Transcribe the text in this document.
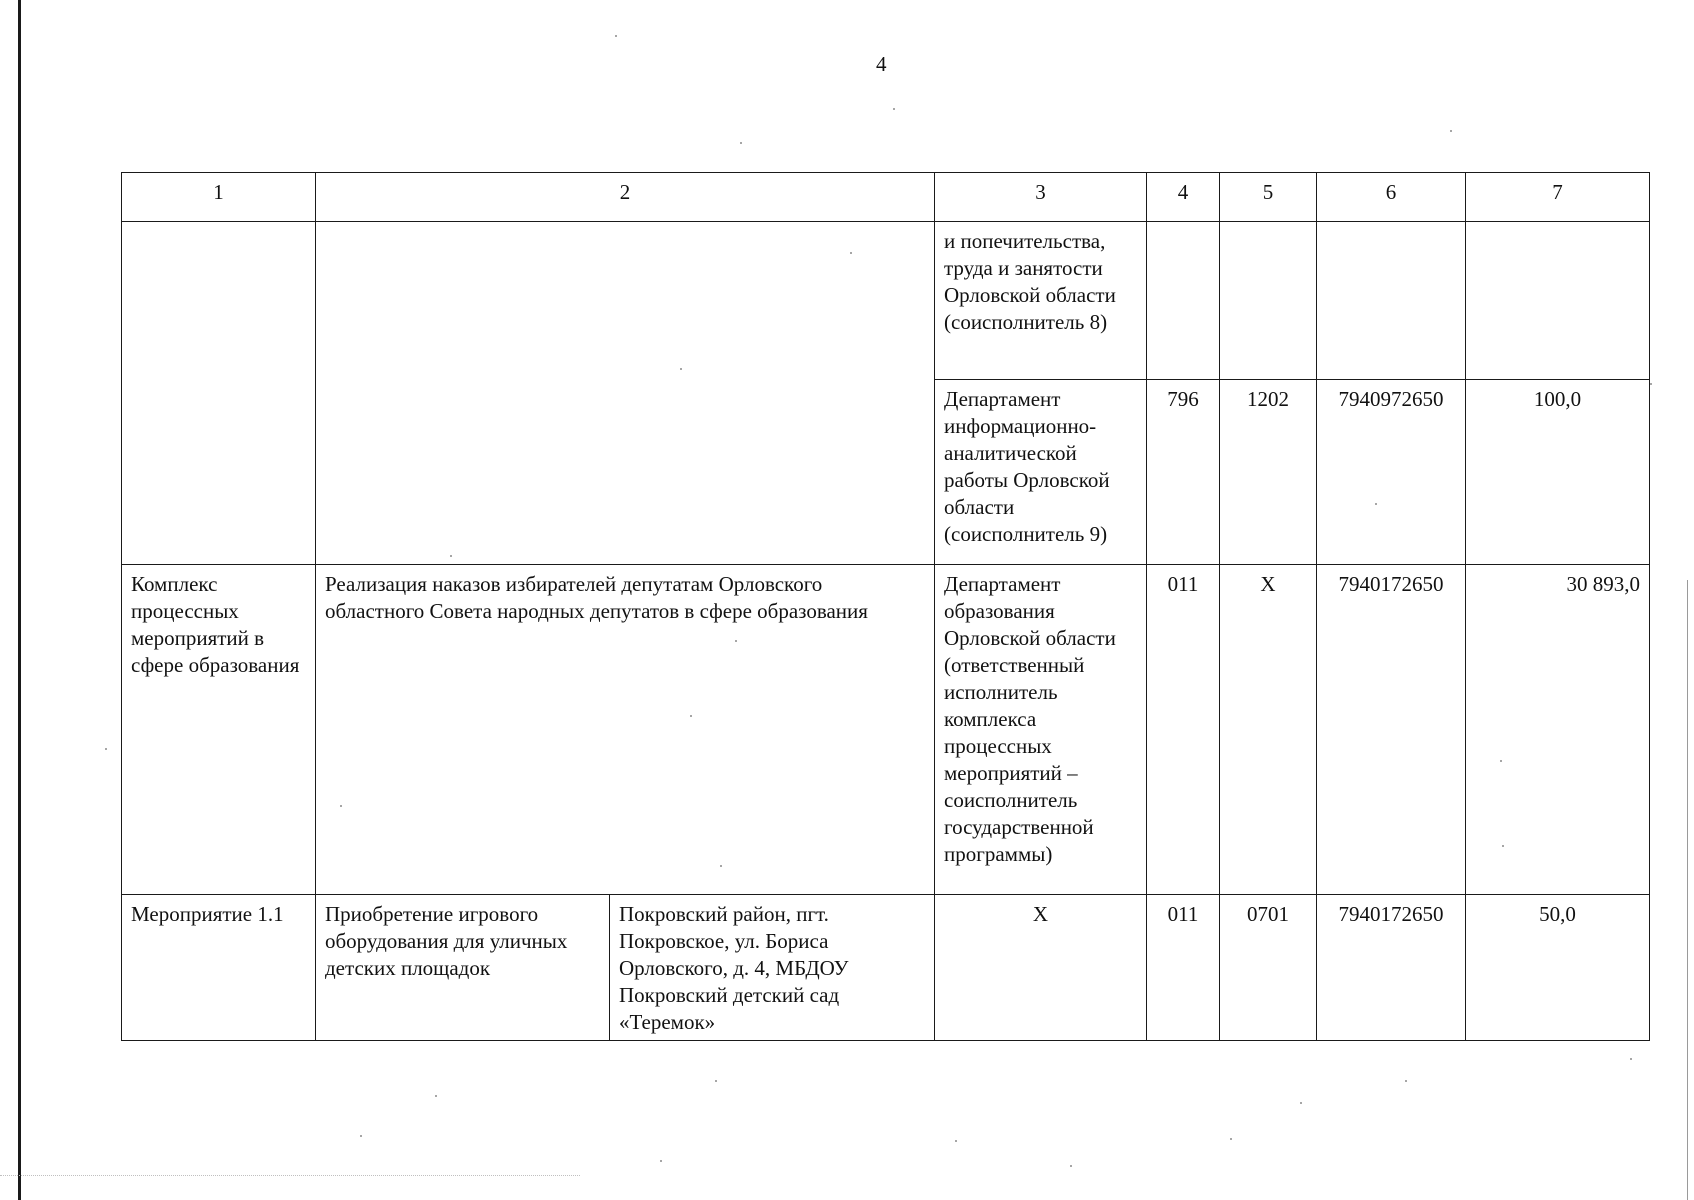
4
1	2		3	4	5	6	7
			и попечительства, труда и занятости Орловской области (соисполнитель 8)				
			Департамент информационно-аналитической работы Орловской области (соисполнитель 9)	796	1202	7940972650	100,0
Комплекс процессных мероприятий в сфере образования	Реализация наказов избирателей депутатам Орловского областного Совета народных депутатов в сфере образования		Департамент образования Орловской области (ответственный исполнитель комплекса процессных мероприятий – соисполнитель государственной программы)	011	Х	7940172650	30 893,0
Мероприятие 1.1	Приобретение игрового оборудования для уличных детских площадок	Покровский район, пгт. Покровское, ул. Бориса Орловского, д. 4, МБДОУ Покровский детский сад «Теремок»	Х	011	0701	7940172650	50,0
